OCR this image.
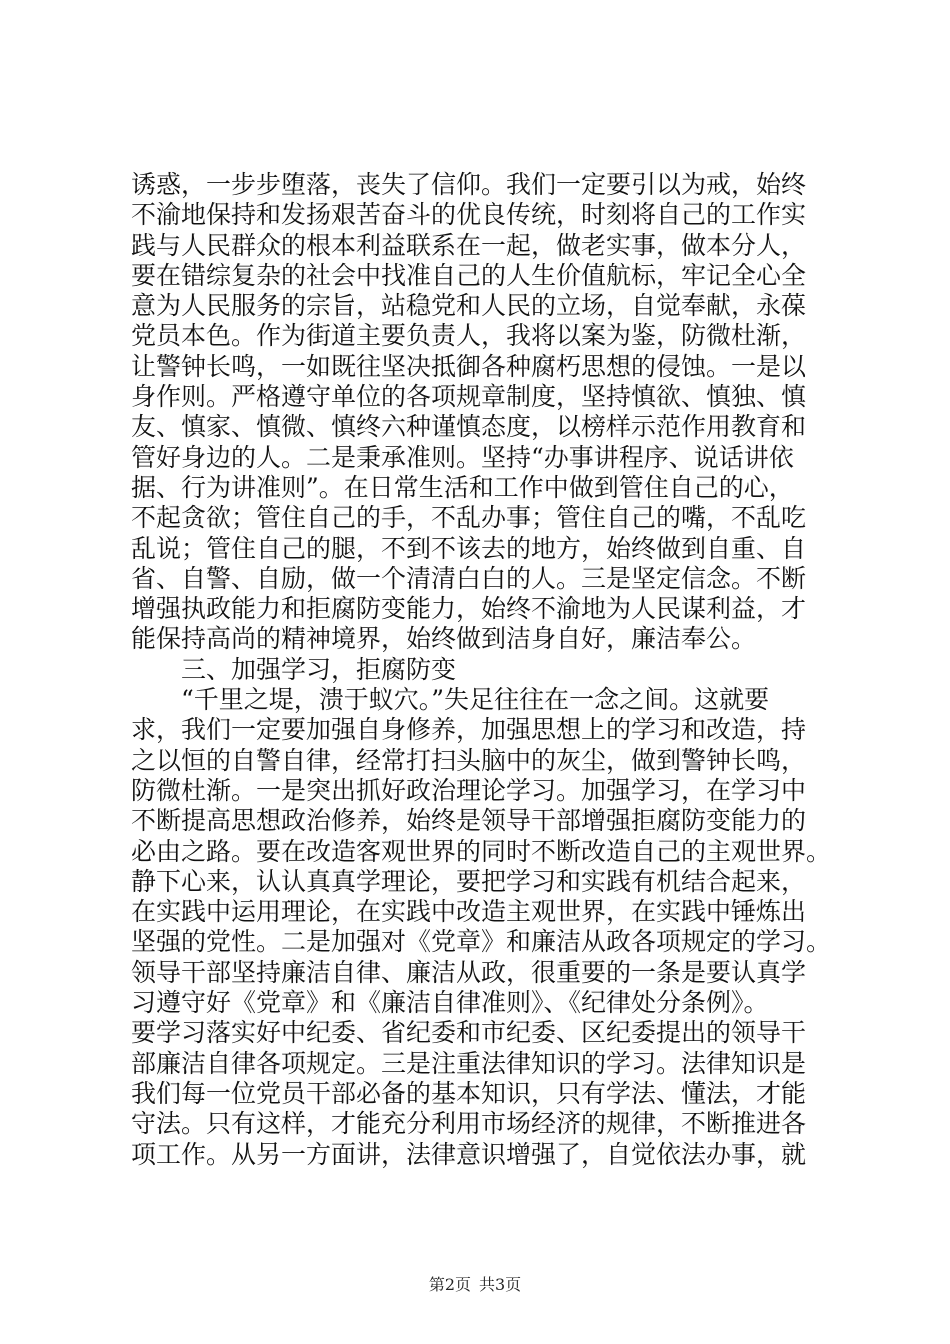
诱惑，一步步堕落，丧失了信仰。我们一定要引以为戒，始终
不渝地保持和发扬艰苦奋斗的优良传统，时刻将自己的工作实
践与人民群众的根本利益联系在一起，做老实事，做本分人，
要在错综复杂的社会中找准自己的人生价值航标，牢记全心全
意为人民服务的宗旨，站稳党和人民的立场，自觉奉献，永葆
党员本色。作为街道主要负责人，我将以案为鉴，防微杜渐，
让警钟长鸣，一如既往坚决抵御各种腐朽思想的侵蚀。一是以
身作则。严格遵守单位的各项规章制度，坚持慎欲、慎独、慎
友、慎家、慎微、慎终六种谨慎态度，以榜样示范作用教育和
管好身边的人。二是秉承准则。坚持“办事讲程序、说话讲依
据、行为讲准则”。在日常生活和工作中做到管住自己的心，
不起贪欲；管住自己的手，不乱办事；管住自己的嘴，不乱吃
乱说；管住自己的腿，不到不该去的地方，始终做到自重、自
省、自警、自励，做一个清清白白的人。三是坚定信念。不断
增强执政能力和拒腐防变能力，始终不渝地为人民谋利益，才
能保持高尚的精神境界，始终做到洁身自好，廉洁奉公。
三、加强学习，拒腐防变
“千里之堤，溃于蚁穴。”失足往往在一念之间。这就要
求，我们一定要加强自身修养，加强思想上的学习和改造，持
之以恒的自警自律，经常打扫头脑中的灰尘，做到警钟长鸣，
防微杜渐。一是突出抓好政治理论学习。加强学习，在学习中
不断提高思想政治修养，始终是领导干部增强拒腐防变能力的
必由之路。要在改造客观世界的同时不断改造自己的主观世界。
静下心来，认认真真学理论，要把学习和实践有机结合起来，
在实践中运用理论，在实践中改造主观世界，在实践中锤炼出
坚强的党性。二是加强对《党章》和廉洁从政各项规定的学习。
领导干部坚持廉洁自律、廉洁从政，很重要的一条是要认真学
习遵守好《党章》和《廉洁自律准则》、《纪律处分条例》。
要学习落实好中纪委、省纪委和市纪委、区纪委提出的领导干
部廉洁自律各项规定。三是注重法律知识的学习。法律知识是
我们每一位党员干部必备的基本知识，只有学法、懂法，才能
守法。只有这样，才能充分利用市场经济的规律，不断推进各
项工作。从另一方面讲，法律意识增强了，自觉依法办事，就
第2页 共3页
